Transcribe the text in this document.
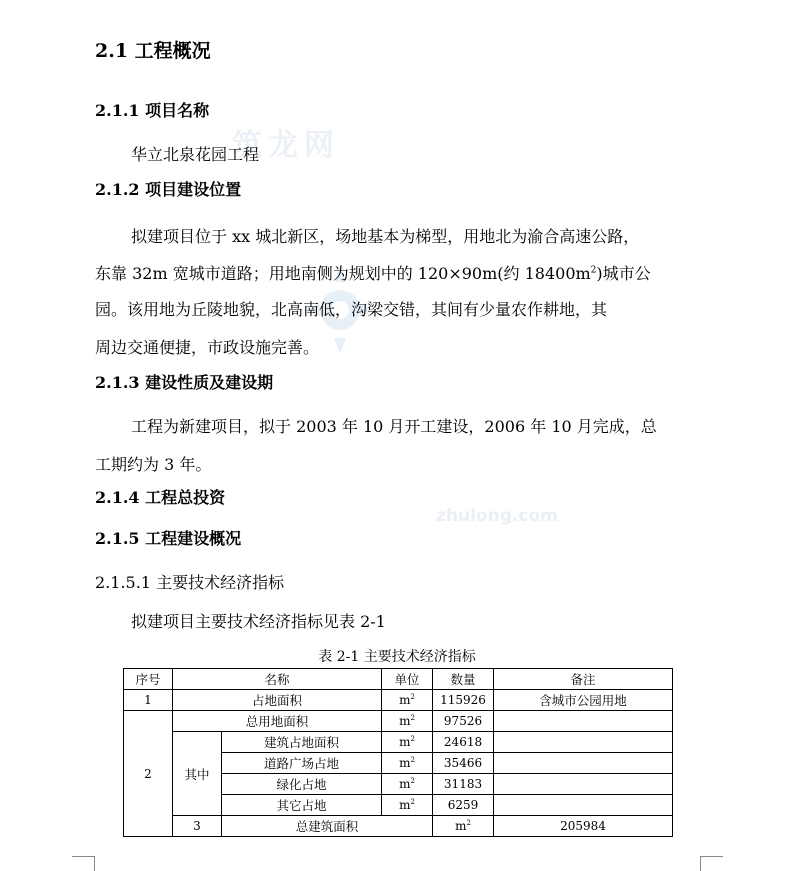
筑龙网
zhulong.com
2.1 工程概况
2.1.1 项目名称
华立北泉花园工程
2.1.2 项目建设位置
拟建项目位于 xx 城北新区，场地基本为梯型，用地北为渝合高速公路，
东靠 32m 宽城市道路；用地南侧为规划中的 120×90m(约 $18400m^2$)城市公
园。该用地为丘陵地貌，北高南低，沟梁交错，其间有少量农作耕地，其
周边交通便捷，市政设施完善。
2.1.3 建设性质及建设期
工程为新建项目，拟于 2003 年 10 月开工建设，2006 年 10 月完成，总
工期约为 3 年。
2.1.4 工程总投资
2.1.5 工程建设概况
2.1.5.1 主要技术经济指标
拟建项目主要技术经济指标见表 2-1
表 2-1 主要技术经济指标
序号	名称		单位	数量	备注	
1	占地面积		$m^2$	115926	含城市公园用地	
2	总用地面积		$m^2$	97526		
	其中	建筑占地面积	$m^2$	24618		
		道路广场占地	$m^2$	35466		
		绿化占地	$m^2$	31183		
		其它占地	$m^2$	6259		
	3	总建筑面积		$m^2$	205984	
